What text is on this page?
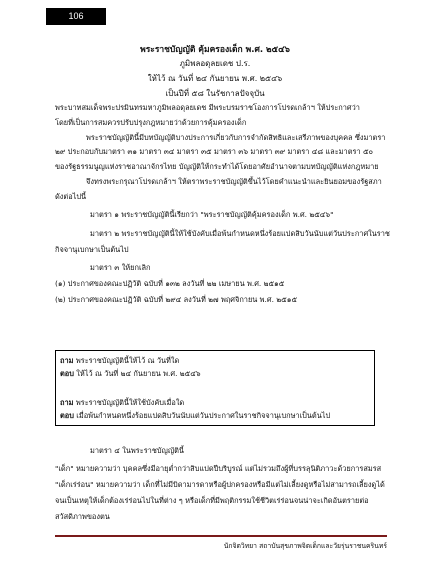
106
พระราชบัญญัติ คุ้มครองเด็ก พ.ศ. ๒๕๔๖
ภูมิพลอดุลยเดช ป.ร.
ให้ไว้ ณ วันที่ ๒๔ กันยายน พ.ศ. ๒๕๔๖
เป็นปีที่ ๕๘ ในรัชกาลปัจจุบัน
พระบาทสมเด็จพระปรมินทรมหาภูมิพลอดุลยเดช มีพระบรมราชโองการโปรดเกล้าฯ ให้ประกาศว่า
โดยที่เป็นการสมควรปรับปรุงกฎหมายว่าด้วยการคุ้มครองเด็ก
พระราชบัญญัตินี้มีบทบัญญัติบางประการเกี่ยวกับการจำกัดสิทธิและเสรีภาพของบุคคล ซึ่งมาตรา
๒๙ ประกอบกับมาตรา ๓๑ มาตรา ๓๔ มาตรา ๓๕ มาตรา ๓๖ มาตรา ๓๙ มาตรา ๔๘ และมาตรา ๕๐
ของรัฐธรรมนูญแห่งราชอาณาจักรไทย บัญญัติให้กระทำได้โดยอาศัยอำนาจตามบทบัญญัติแห่งกฎหมาย
จึงทรงพระกรุณาโปรดเกล้าฯ ให้ตราพระราชบัญญัติขึ้นไว้โดยคำแนะนำและยินยอมของรัฐสภา
ดังต่อไปนี้
มาตรา ๑ พระราชบัญญัตินี้เรียกว่า "พระราชบัญญัติคุ้มครองเด็ก พ.ศ. ๒๕๔๖"
มาตรา ๒ พระราชบัญญัตินี้ให้ใช้บังคับเมื่อพ้นกำหนดหนึ่งร้อยแปดสิบวันนับแต่วันประกาศในราช
กิจจานุเบกษาเป็นต้นไป
มาตรา ๓ ให้ยกเลิก
(๑) ประกาศของคณะปฏิวัติ ฉบับที่ ๑๓๒ ลงวันที่ ๒๒ เมษายน พ.ศ. ๒๕๑๕
(๒) ประกาศของคณะปฏิวัติ ฉบับที่ ๒๙๔ ลงวันที่ ๒๗ พฤศจิกายน พ.ศ. ๒๕๑๕
ถาม พระราชบัญญัตินี้ให้ไว้ ณ วันที่ใด
ตอบ ให้ไว้ ณ วันที่ ๒๔ กันยายน พ.ศ. ๒๕๔๖
ถาม พระราชบัญญัตินี้ให้ใช้บังคับเมื่อใด
ตอบ เมื่อพ้นกำหนดหนึ่งร้อยแปดสิบวันนับแต่วันประกาศในราชกิจจานุเบกษาเป็นต้นไป
มาตรา ๔ ในพระราชบัญญัตินี้
"เด็ก" หมายความว่า บุคคลซึ่งมีอายุต่ำกว่าสิบแปดปีบริบูรณ์ แต่ไม่รวมถึงผู้ที่บรรลุนิติภาวะด้วยการสมรส
"เด็กเร่ร่อน" หมายความว่า เด็กที่ไม่มีบิดามารดาหรือผู้ปกครองหรือมีแต่ไม่เลี้ยงดูหรือไม่สามารถเลี้ยงดูได้
จนเป็นเหตุให้เด็กต้องเร่ร่อนไปในที่ต่าง ๆ หรือเด็กที่มีพฤติกรรมใช้ชีวิตเร่ร่อนจนน่าจะเกิดอันตรายต่อ
สวัสดิภาพของตน
นักจิตวิทยา สถาบันสุขภาพจิตเด็กและวัยรุ่นราชนครินทร์
